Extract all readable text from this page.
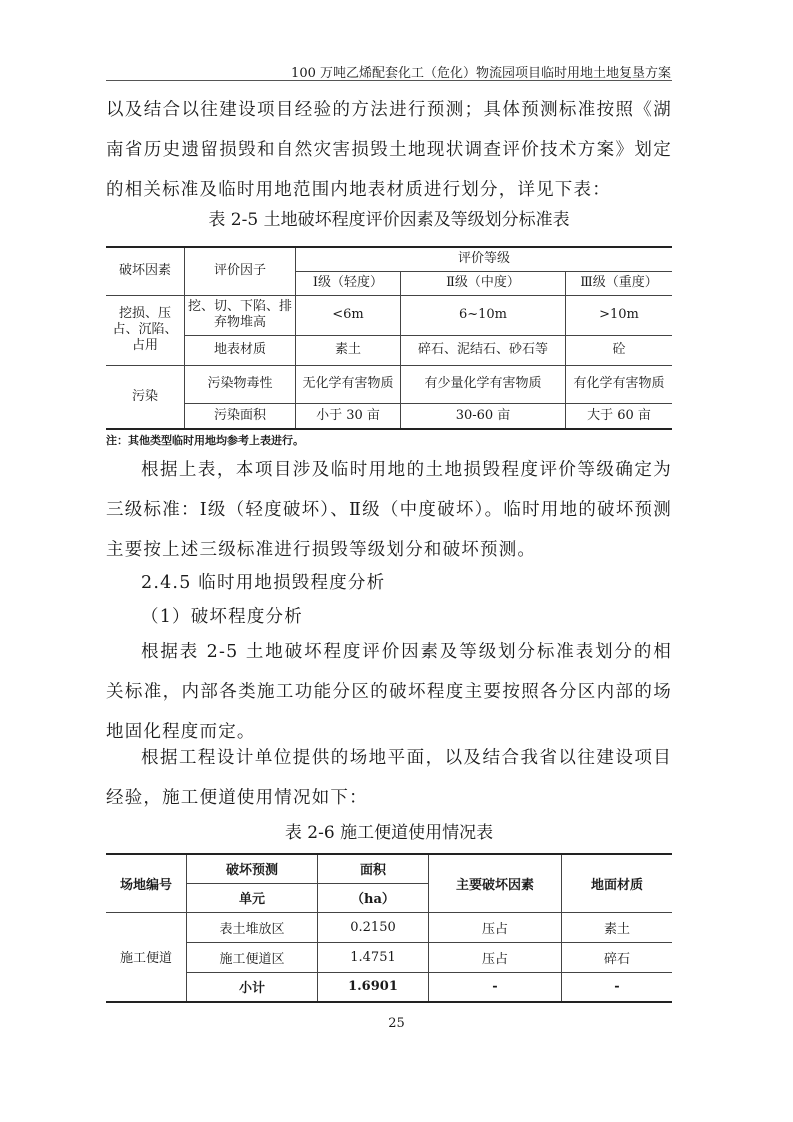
100 万吨乙烯配套化工（危化）物流园项目临时用地土地复垦方案
以及结合以往建设项目经验的方法进行预测；具体预测标准按照《湖南省历史遗留损毁和自然灾害损毁土地现状调查评价技术方案》划定的相关标准及临时用地范围内地表材质进行划分，详见下表：
表 2-5 土地破坏程度评价因素及等级划分标准表
破坏因素	评价因子	评价等级		
		Ⅰ级（轻度）	Ⅱ级（中度）	Ⅲ级（重度）
挖损、压占、沉陷、占用	挖、切、下陷、排弃物堆高	<6m	6~10m	>10m
	地表材质	素土	碎石、泥结石、砂石等	砼
污染	污染物毒性	无化学有害物质	有少量化学有害物质	有化学有害物质
	污染面积	小于 30 亩	30-60 亩	大于 60 亩
注：其他类型临时用地均参考上表进行。
根据上表，本项目涉及临时用地的土地损毁程度评价等级确定为三级标准：Ⅰ级（轻度破坏）、Ⅱ级（中度破坏）。临时用地的破坏预测主要按上述三级标准进行损毁等级划分和破坏预测。
2.4.5 临时用地损毁程度分析
（1）破坏程度分析
根据表 2-5 土地破坏程度评价因素及等级划分标准表划分的相关标准，内部各类施工功能分区的破坏程度主要按照各分区内部的场地固化程度而定。
根据工程设计单位提供的场地平面，以及结合我省以往建设项目经验，施工便道使用情况如下：
表 2-6 施工便道使用情况表
场地编号	破坏预测	面积	主要破坏因素	地面材质
	单元	（ha）		
施工便道	表土堆放区	0.2150	压占	素土
	施工便道区	1.4751	压占	碎石
	小计	1.6901	-	-
25
